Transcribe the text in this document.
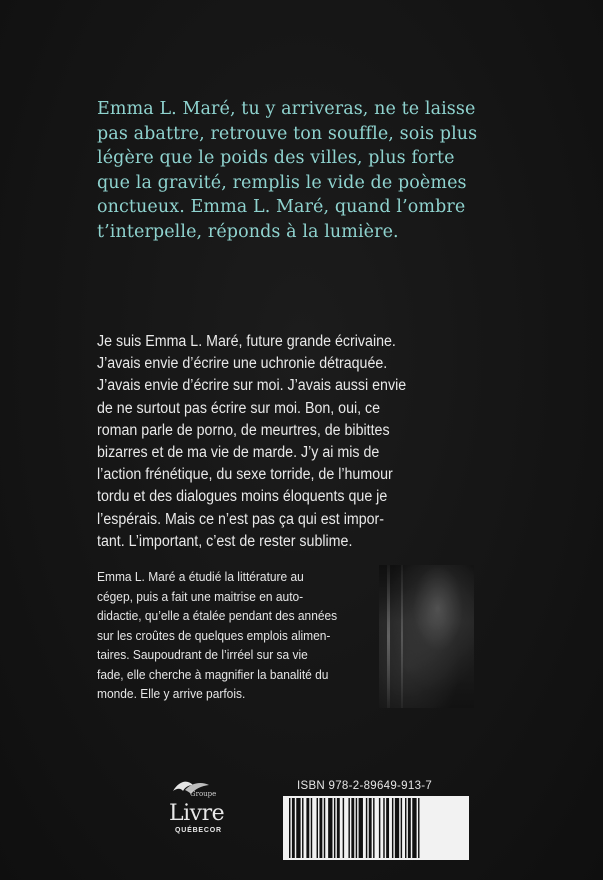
Emma L. Maré, tu y arriveras, ne te laisse
pas abattre, retrouve ton souffle, sois plus
légère que le poids des villes, plus forte
que la gravité, remplis le vide de poèmes
onctueux. Emma L. Maré, quand l’ombre
t’interpelle, réponds à la lumière.
Je suis Emma L. Maré, future grande écrivaine.
J’avais envie d’écrire une uchronie détraquée.
J’avais envie d’écrire sur moi. J’avais aussi envie
de ne surtout pas écrire sur moi. Bon, oui, ce
roman parle de porno, de meurtres, de bibittes
bizarres et de ma vie de marde. J’y ai mis de
l’action frénétique, du sexe torride, de l’humour
tordu et des dialogues moins éloquents que je
l’espérais. Mais ce n’est pas ça qui est impor-
tant. L’important, c’est de rester sublime.
Emma L. Maré a étudié la littérature au
cégep, puis a fait une maitrise en auto-
didactie, qu’elle a étalée pendant des années
sur les croûtes de quelques emplois alimen-
taires. Saupoudrant de l’irréel sur sa vie
fade, elle cherche à magnifier la banalité du
monde. Elle y arrive parfois.
Groupe
Livre
QUÉBECOR
ISBN 978-2-89649-913-7
